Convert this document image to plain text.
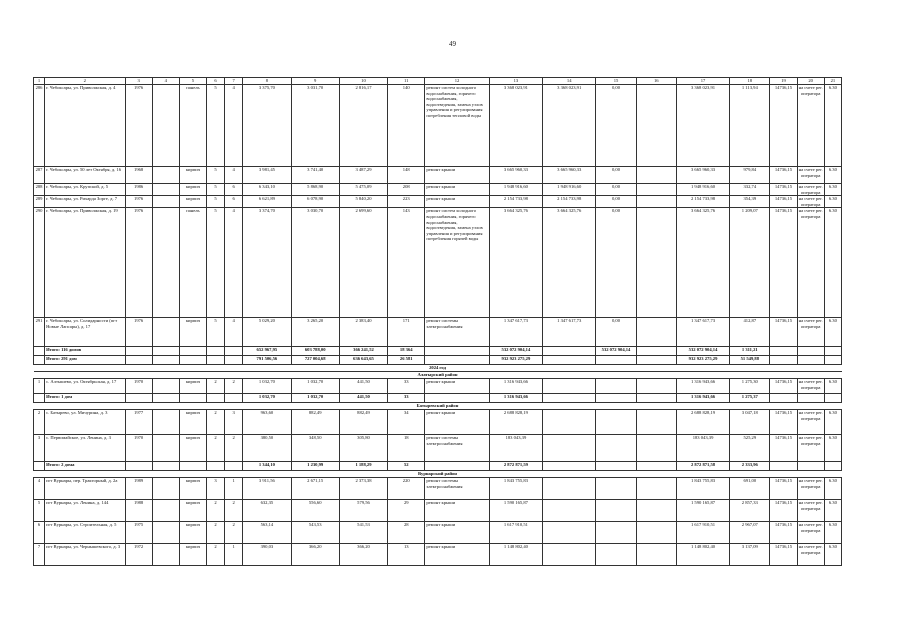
49
1	2	3	4	5	6	7	8	9	10	11	12	13	14	15	16	17	18	19	20	21
286	г. Чебоксары, ул. Приволжская, д. 4	1976		панель	5	4	3 375,70	3 031,70	2 816,17	140	ремонт систем холодного водоснабжения, горячего водоснабжения, водоотведения, замена узлов управления и регулирования потребления тепловой воды	3 368 023,91	3 368 023,91	0,00		3 368 023,91	1 113,94	14736,15	на счете рег. оператора	6.30
287	г. Чебоксары, ул. 50 лет Октября, д. 16	1968		кирпич	5	4	3 981,45	3 741,40	3 487,29	148	ремонт крыши	3 665 960,33	3 665 960,33	0,00		3 665 960,33	979,84	14736,15	на счете рег. оператора	6.30
288	г. Чебоксары, ул. Крупской, д. 5	1986		кирпич	5	6	6 343,10	5 868,90	5 475,09	208	ремонт крыши	1 948 916,60	1 948 916,60	0,00		1 948 916,60	332,74	14736,15	на счете рег. оператора	6.30
289	г. Чебоксары, ул. Рихарда Зорге, д. 7	1976		кирпич	5	6	6 621,89	6 078,90	5 840,20	223	ремонт крыши	2 154 733,98	2 154 733,98	0,00		2 154 733,98	354,39	14736,15	на счете рег. оператора	6.30
290	г. Чебоксары, ул. Приволжская, д. 19	1976		панель	5	4	3 374,70	3 030,70	2 699,60	143	ремонт систем холодного водоснабжения, горячего водоснабжения, водоотведения, замена узлов управления и регулирования потребления горячей воды	3 664 325,76	3 664 325,76	0,00		3 664 325,76	1 209,07	14736,15	на счете рег. оператора	6.30
291	г. Чебоксары, ул. Солидарности (пгт Новые Лапсары), д. 17	1976		кирпич	5	4	5 029,20	3 265,20	2 383,40	171	ремонт системы электроснабжения	1 347 617,73	1 347 617,73	0,00		1 347 617,73	412,87	14736,15	на счете рег. оператора	6.30
	Итого: 116 домов						652 967,95	603 788,00	366 241,52	18 364		532 072 904,14		532 072 904,14		532 072 904,14	1 311,21			
	Итого: 291 дом						791 506,56	727 004,68	636 643,65	26 581		932 923 275,29				932 923 275,29	51 549,88			
2024 год																				
Алатырский район																				
1	с. Алтышево, ул. Октябрьская, д. 17	1970		кирпич	2	2	1 032,70	1 032,70	441,50	33	ремонт крыши	1 316 943,66				1 316 943,66	1 275,30	14736,15	на счете рег. оператора	6.30
	Итого: 1 дом						1 032,70	1 032,70	441,50	33		1 316 943,66				1 316 943,66	1 275,37			
Батыревский район																				
2	с. Батырево, ул. Мичурина, д. 3	1977		кирпич	2	3	963,60	882,49	882,49	34	ремонт крыши	2 688 828,19				2 688 828,19	3 047,18	14736,15	на счете рег. оператора	6.30
3	с. Первомайское, ул. Ленина, д. 3	1970		кирпич	2	2	380,50	348,50	305,80	18	ремонт системы электроснабжения	183 043,39				183 043,39	525,29	14736,15	на счете рег. оператора	6.30
	Итого: 2 дома						1 344,10	1 230,99	1 188,29	52		2 872 871,59				2 872 871,58	2 333,96			
Вурнарский район																				
4	пгт Вурнары, пер. Тракторный, д. 2а	1989		кирпич	3	1	3 911,56	2 671,15	2 373,38	220	ремонт системы электроснабжения	1 843 755,83				1 843 755,83	691,00	14736,15	на счете рег. оператора	6.30
5	пгт Вурнары, ул. Ленина, д. 144	1988		кирпич	2	2	632,35	556,60	579,56	29	ремонт крыши	1 590 165,87				1 590 165,87	2 857,33	14736,15	на счете рег. оператора	6.30
6	пгт Вурнары, ул. Строительная, д. 5	1975		кирпич	2	2	563,14	543,53	541,53	28	ремонт крыши	1 617 910,51				1 617 910,51	2 967,07	14736,15	на счете рег. оператора	6.30
7	пгт Вурнары, ул. Чернышевского, д. 3	1972		кирпич	2	1	390,03	366,20	366,20	13	ремонт крыши	1 148 802,40				1 148 802,40	3 137,09	14736,15	на счете рег. оператора	6.30
